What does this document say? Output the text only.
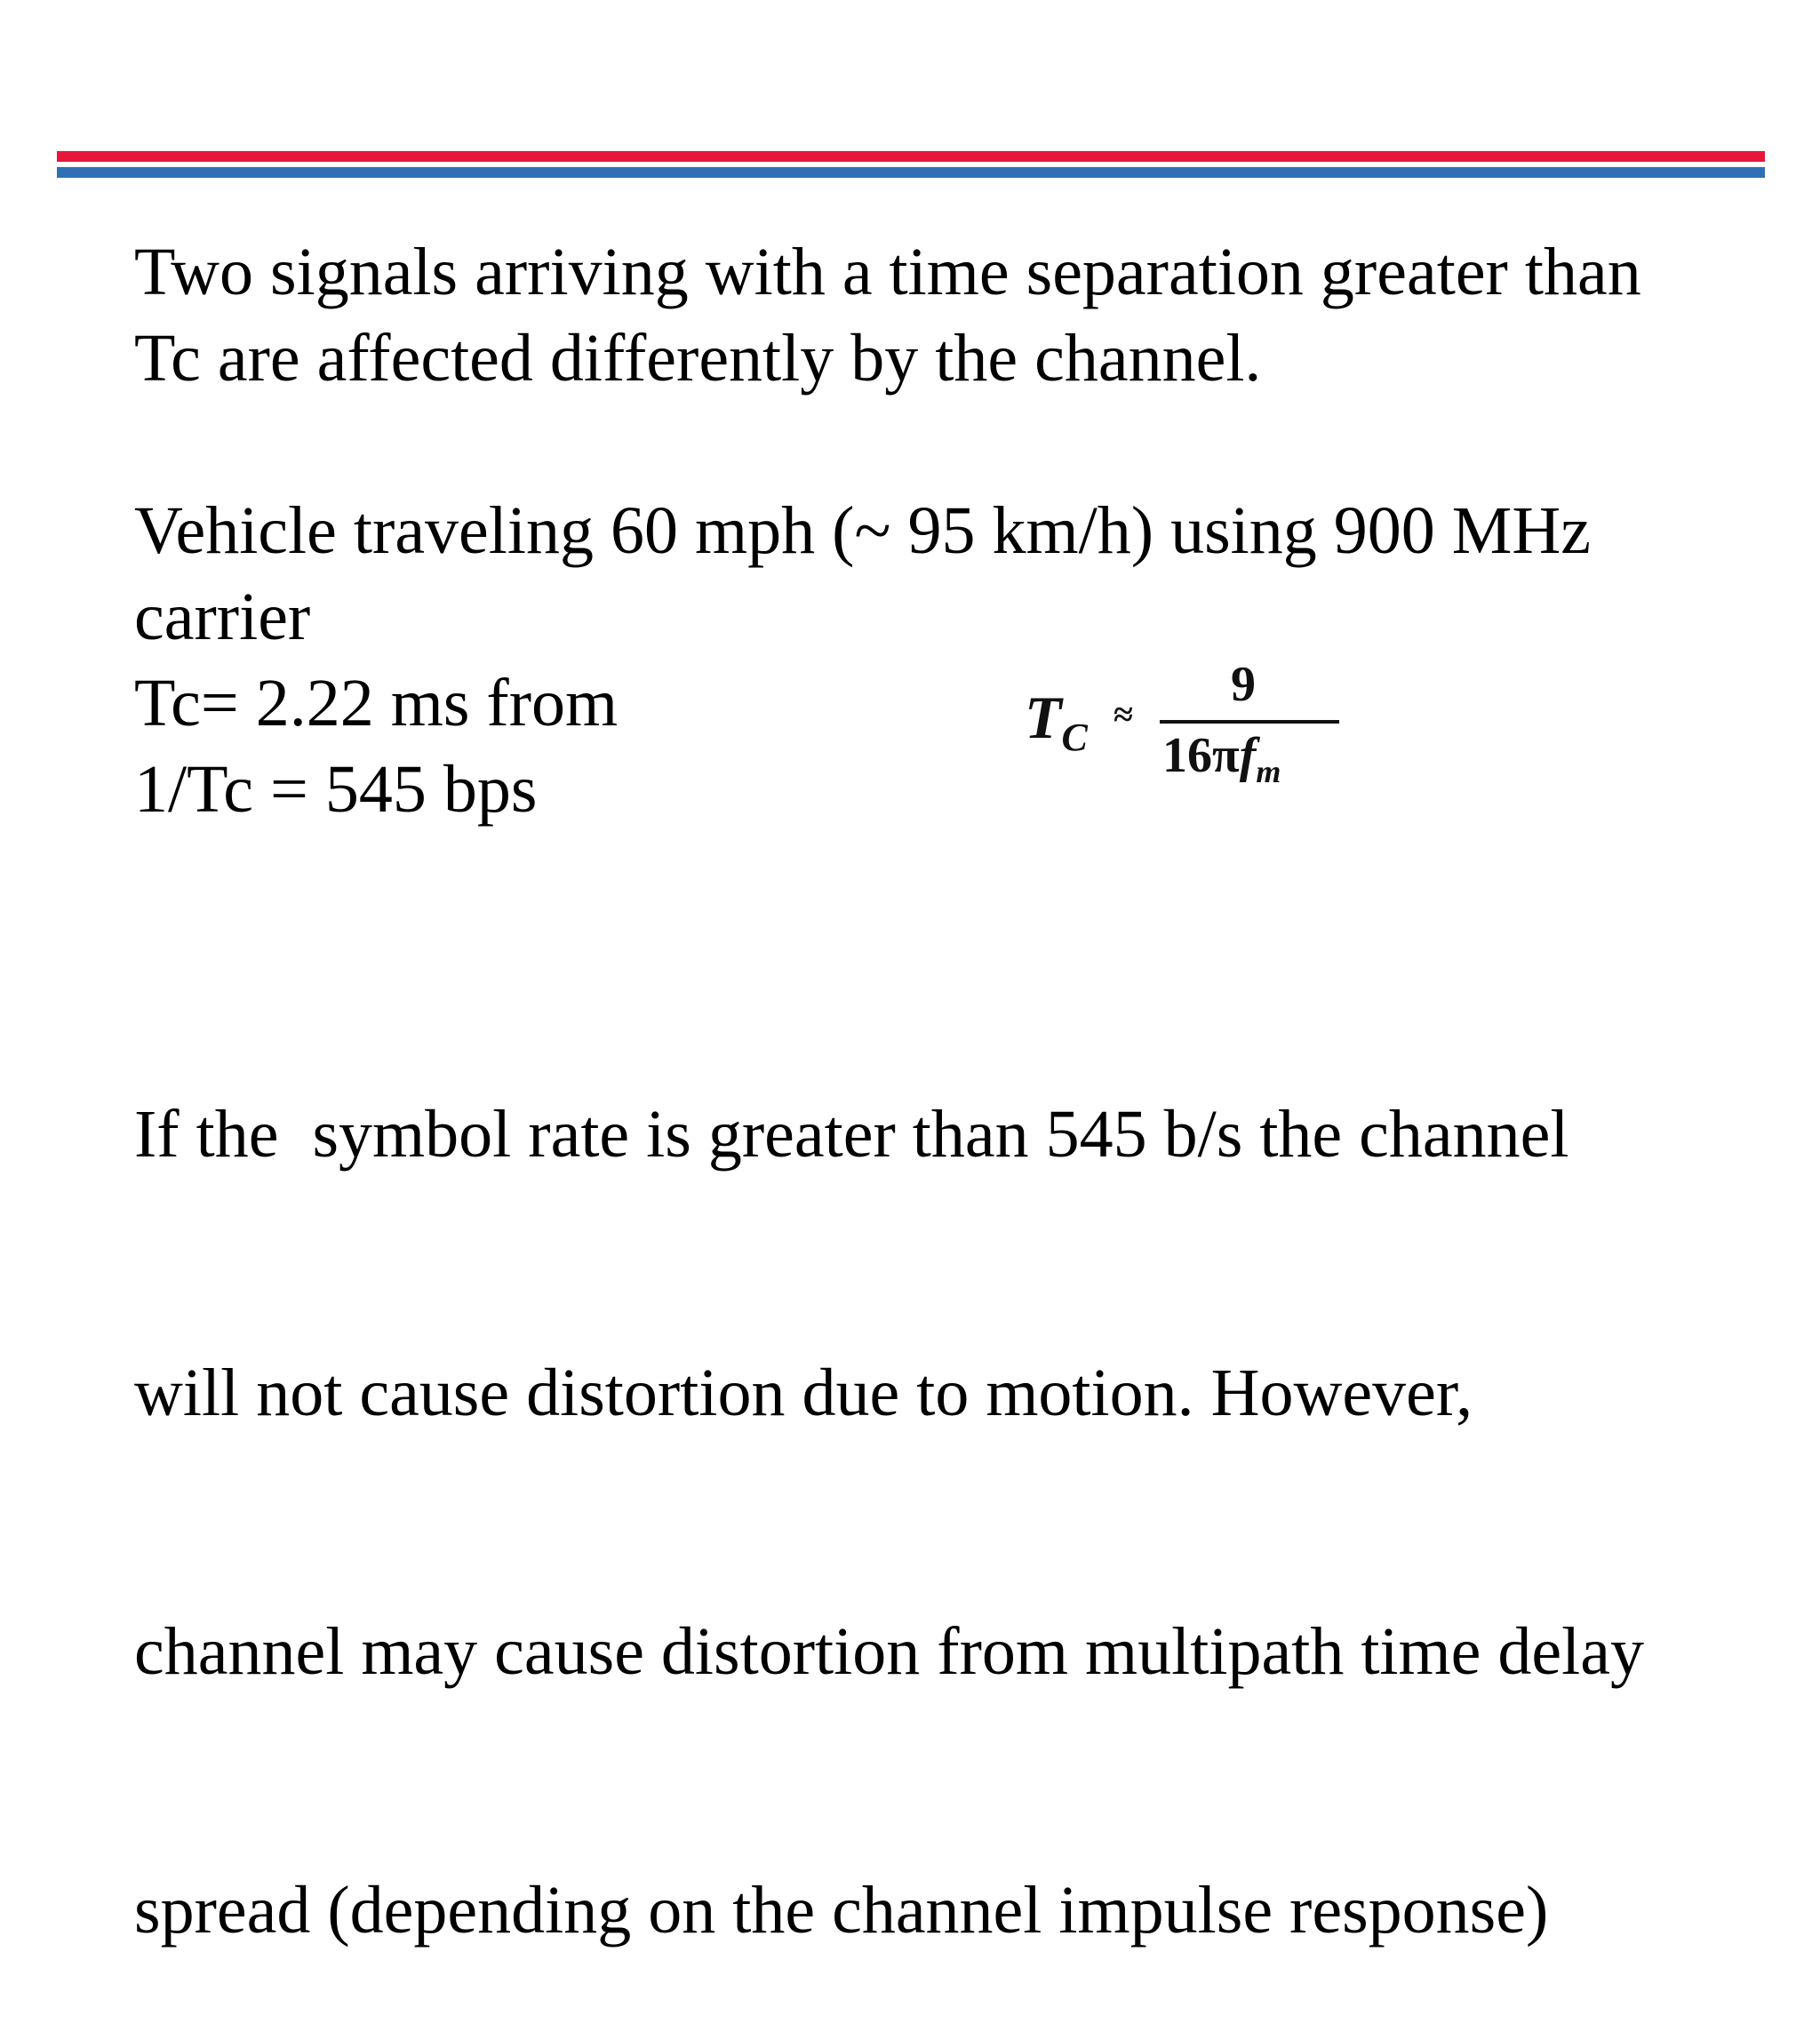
Two signals arriving with a time separation greater than
Tc are affected differently by the channel.

Vehicle traveling 60 mph (~ 95 km/h) using 900 MHz
carrier
Tc= 2.22 ms from
1/Tc = 545 bps

$T_C$
≈
9
$16\pi f_m$

If the  symbol rate is greater than 545 b/s the channel

will not cause distortion due to motion. However,

channel may cause distortion from multipath time delay

spread (depending on the channel impulse response)
